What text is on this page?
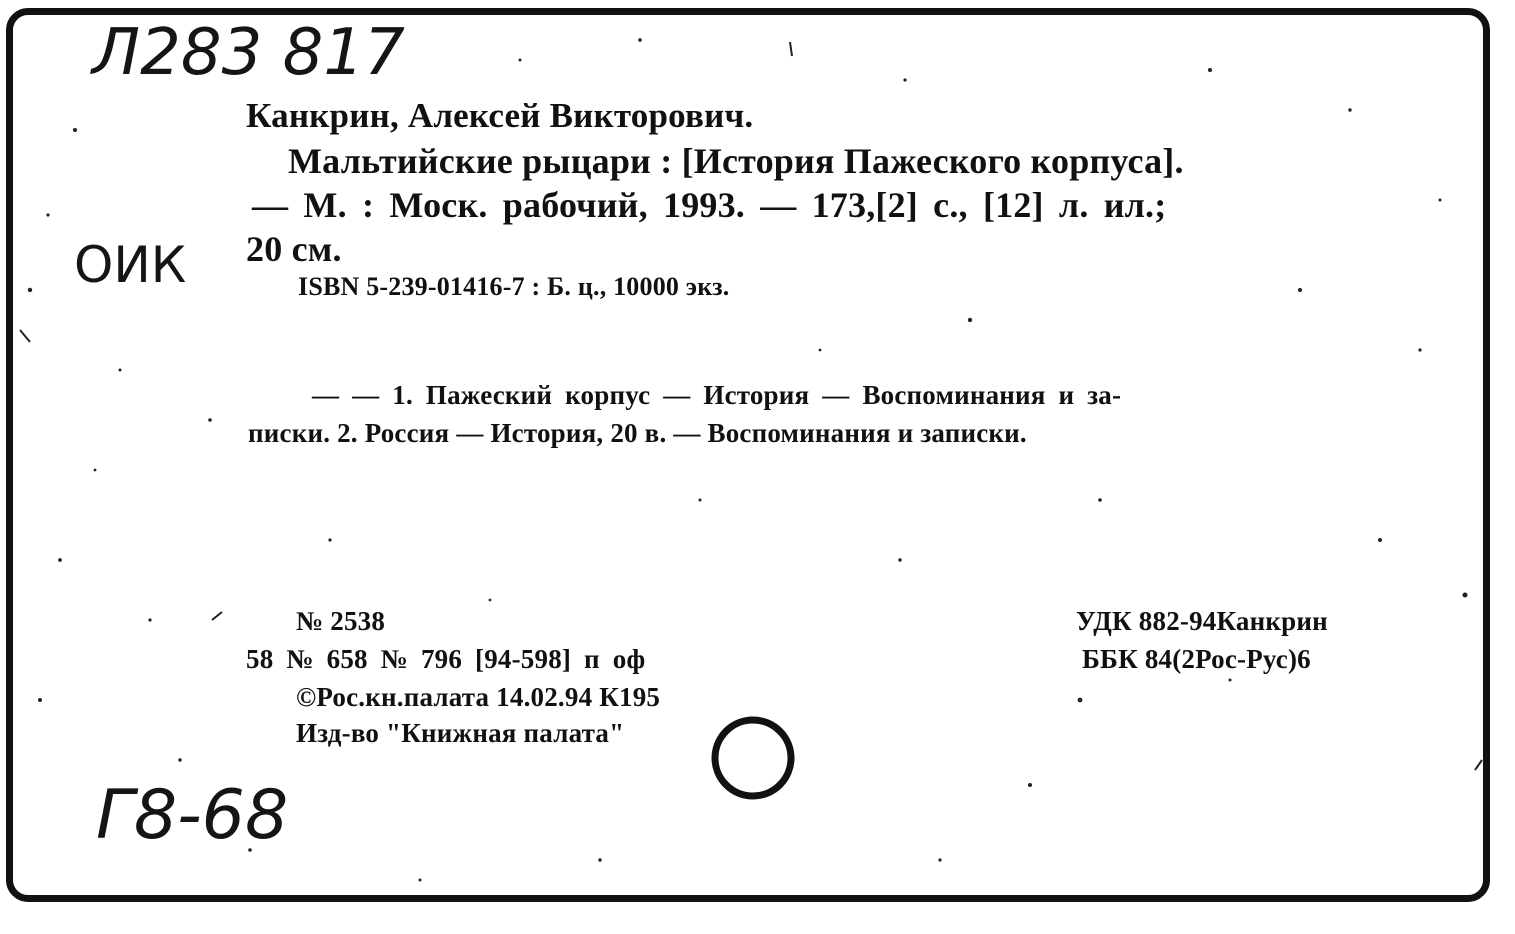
Л283 817
ОИК
Г8-68
Канкрин, Алексей Викторович.
Мальтийские рыцари : [История Пажеского корпуса].
— М. : Моск. рабочий, 1993. — 173,[2] с., [12] л. ил.;
20 см.
ISBN 5-239-01416-7 : Б. ц., 10000 экз.
— — 1. Пажеский корпус — История — Воспоминания и за-
писки. 2. Россия — История, 20 в. — Воспоминания и записки.
№ 2538
58 № 658 № 796 [94-598] п оф
©Рос.кн.палата 14.02.94 К195
Изд-во "Книжная палата"
УДК 882-94Канкрин
ББК 84(2Рос-Рус)6
